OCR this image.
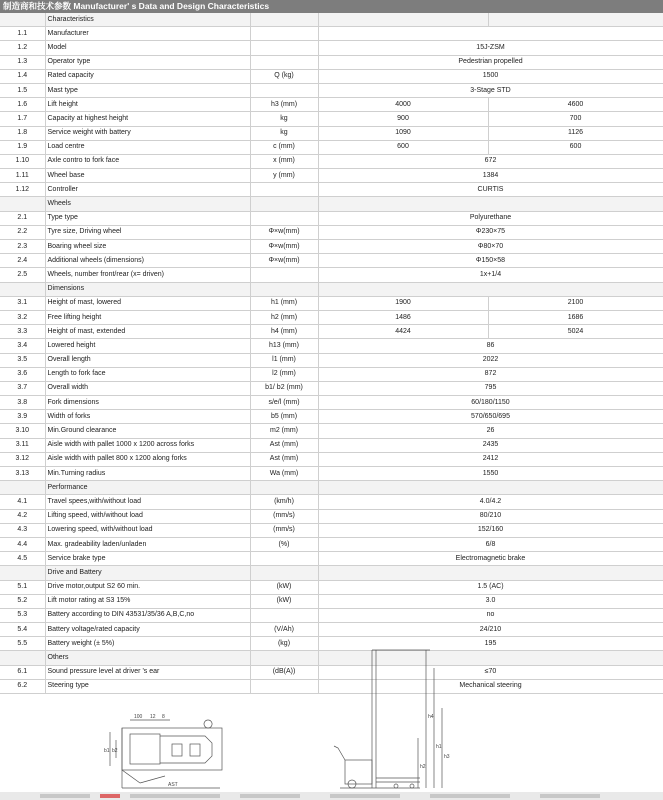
制造商和技术参数 Manufacturer' s Data and Design Characteristics
	Characteristics			
1.1	Manufacturer			
1.2	Model		15J-ZSM	
1.3	Operator type		Pedestrian propelled	
1.4	Rated capacity	Q (kg)	1500	
1.5	Mast type		3-Stage STD	
1.6	Lift height	h3 (mm)	4000	4600
1.7	Capacity at highest height	kg	900	700
1.8	Service weight with battery	kg	1090	1126
1.9	Load centre	c (mm)	600	600
1.10	Axle contro to fork face	x (mm)	672	
1.11	Wheel base	y (mm)	1384	
1.12	Controller		CURTIS	
	Wheels			
2.1	Type type		Polyurethane	
2.2	Tyre size, Driving wheel	Φ×w(mm)	Φ230×75	
2.3	Boaring wheel size	Φ×w(mm)	Φ80×70	
2.4	Additional wheels (dimensions)	Φ×w(mm)	Φ150×58	
2.5	Wheels, number front/rear (x= driven)		1x+1/4	
	Dimensions			
3.1	Height of mast, lowered	h1 (mm)	1900	2100
3.2	Free lifting height	h2 (mm)	1486	1686
3.3	Height of mast, extended	h4 (mm)	4424	5024
3.4	Lowered height	h13 (mm)	86	
3.5	Overall length	l1 (mm)	2022	
3.6	Length to fork face	l2 (mm)	872	
3.7	Overall width	b1/ b2 (mm)	795	
3.8	Fork dimensions	s/e/l (mm)	60/180/1150	
3.9	Width of forks	b5 (mm)	570/650/695	
3.10	Min.Ground clearance	m2 (mm)	26	
3.11	Aisle width with pallet 1000 x 1200 across forks	Ast (mm)	2435	
3.12	Aisle width with pallet 800 x 1200 along forks	Ast (mm)	2412	
3.13	Min.Turning radius	Wa (mm)	1550	
	Performance			
4.1	Travel spees,with/without load	(km/h)	4.0/4.2	
4.2	Lifting speed, with/without load	(mm/s)	80/210	
4.3	Lowering speed, with/without load	(mm/s)	152/160	
4.4	Max. gradeability laden/unladen	(%)	6/8	
4.5	Service brake type		Electromagnetic brake	
	Drive and Battery			
5.1	Drive motor,output S2 60 min.	(kW)	1.5 (AC)	
5.2	Lift motor rating at S3 15%	(kW)	3.0	
5.3	Battery according to DIN 43531/35/36 A,B,C,no		no	
5.4	Battery voltage/rated capacity	(V/Ah)	24/210	
5.5	Battery weight (± 5%)	(kg)	195	
	Others			
6.1	Sound pressure level at driver 's ear	(dB(A))	≤70	
6.2	Steering type		Mechanical steering	
100 12 8
b1 b2
AST
h4
h1
h3
h2
